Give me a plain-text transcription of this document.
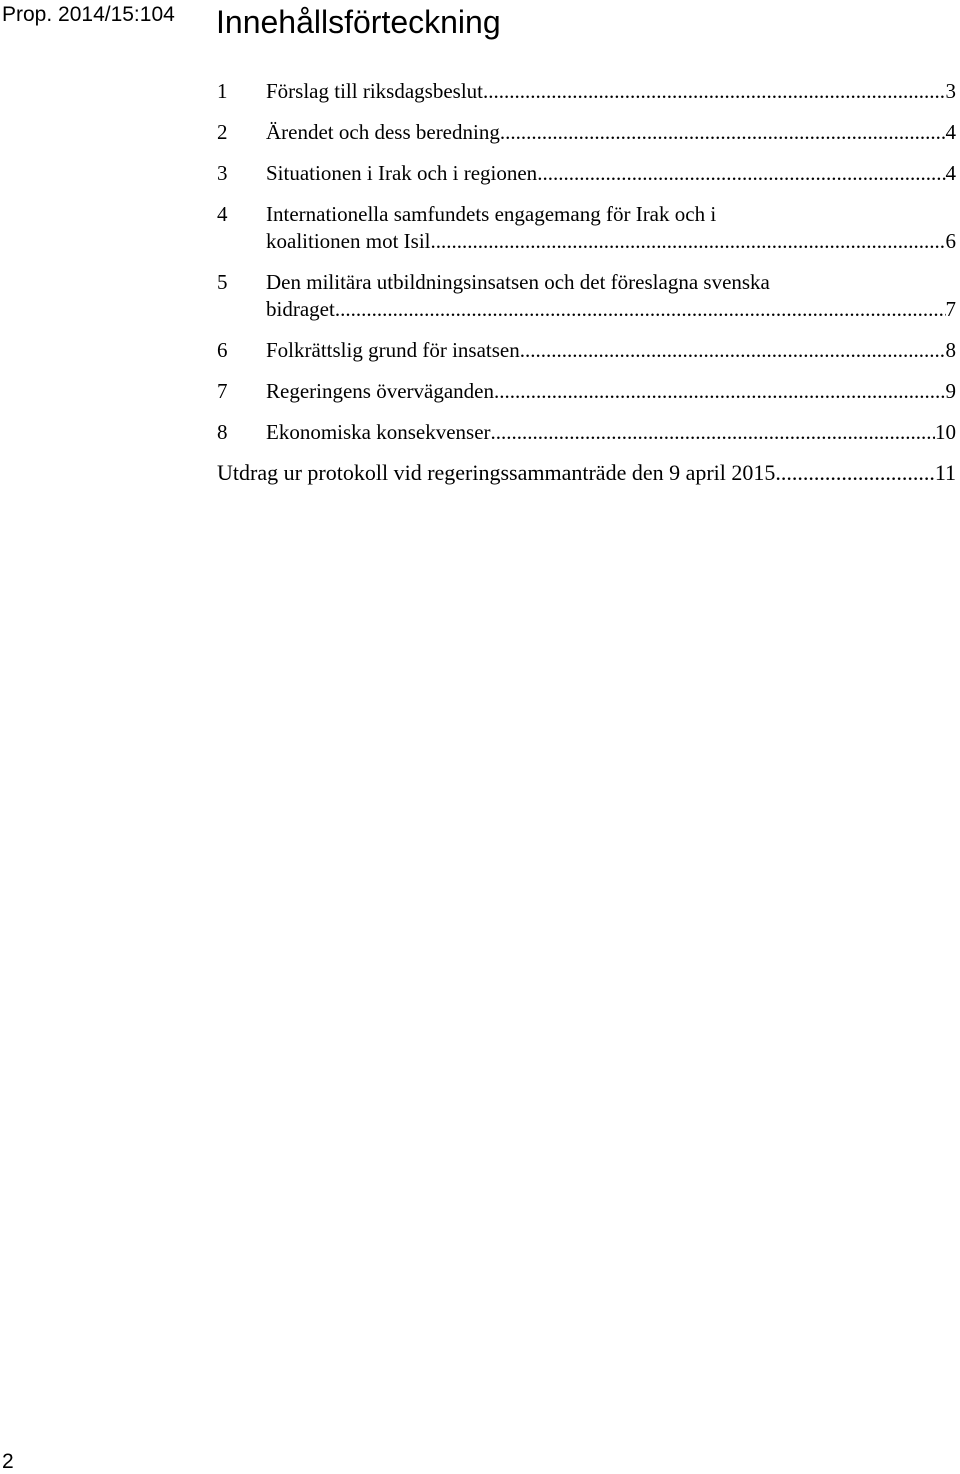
Prop. 2014/15:104 Innehållsförteckning
1	Förslag till riksdagsbeslut .....	3
2	Ärendet och dess beredning .....	4
3	Situationen i Irak och i regionen .....	4
4	Internationella samfundets engagemang för Irak och i
koalitionen mot Isil .....	6
5	Den militära utbildningsinsatsen och det föreslagna svenska
bidraget .....	7
6	Folkrättslig grund för insatsen .....	8
7	Regeringens överväganden .....	9
8	Ekonomiska konsekvenser .....	10
Utdrag ur protokoll vid regeringssammanträde den 9 april 2015 .....	11
2
